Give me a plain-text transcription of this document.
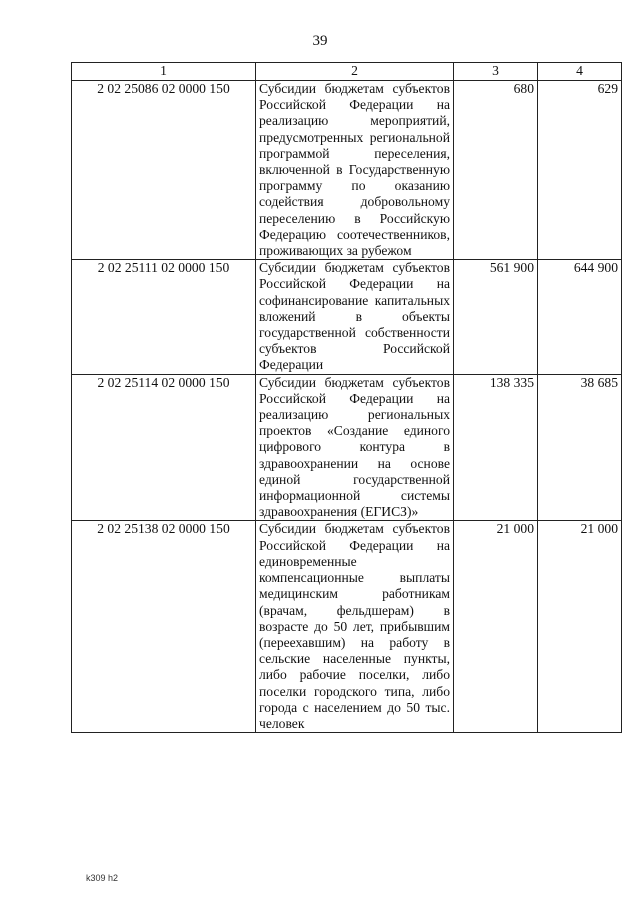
39
1	2	3	4
2 02 25086 02 0000 150	Субсидии бюджетам субъектов Российской Федерации на реализацию мероприятий, предусмотренных региональной программой переселения, включенной в Государственную программу по оказанию содействия добровольному переселению в Российскую Федерацию соотечественников, проживающих за рубежом	680	629
2 02 25111 02 0000 150	Субсидии бюджетам субъектов Российской Федерации на софинансирование капитальных вложений в объекты государственной собственности субъектов Российской Федерации	561 900	644 900
2 02 25114 02 0000 150	Субсидии бюджетам субъектов Российской Федерации на реализацию региональных проектов «Создание единого цифрового контура в здравоохранении на основе единой государственной информационной системы здравоохранения (ЕГИСЗ)»	138 335	38 685
2 02 25138 02 0000 150	Субсидии бюджетам субъектов Российской Федерации на единовременные компенсационные выплаты медицинским работникам (врачам, фельдшерам) в возрасте до 50 лет, прибывшим (переехавшим) на работу в сельские населенные пункты, либо рабочие поселки, либо поселки городского типа, либо города с населением до 50 тыс. человек	21 000	21 000
k309 h2
